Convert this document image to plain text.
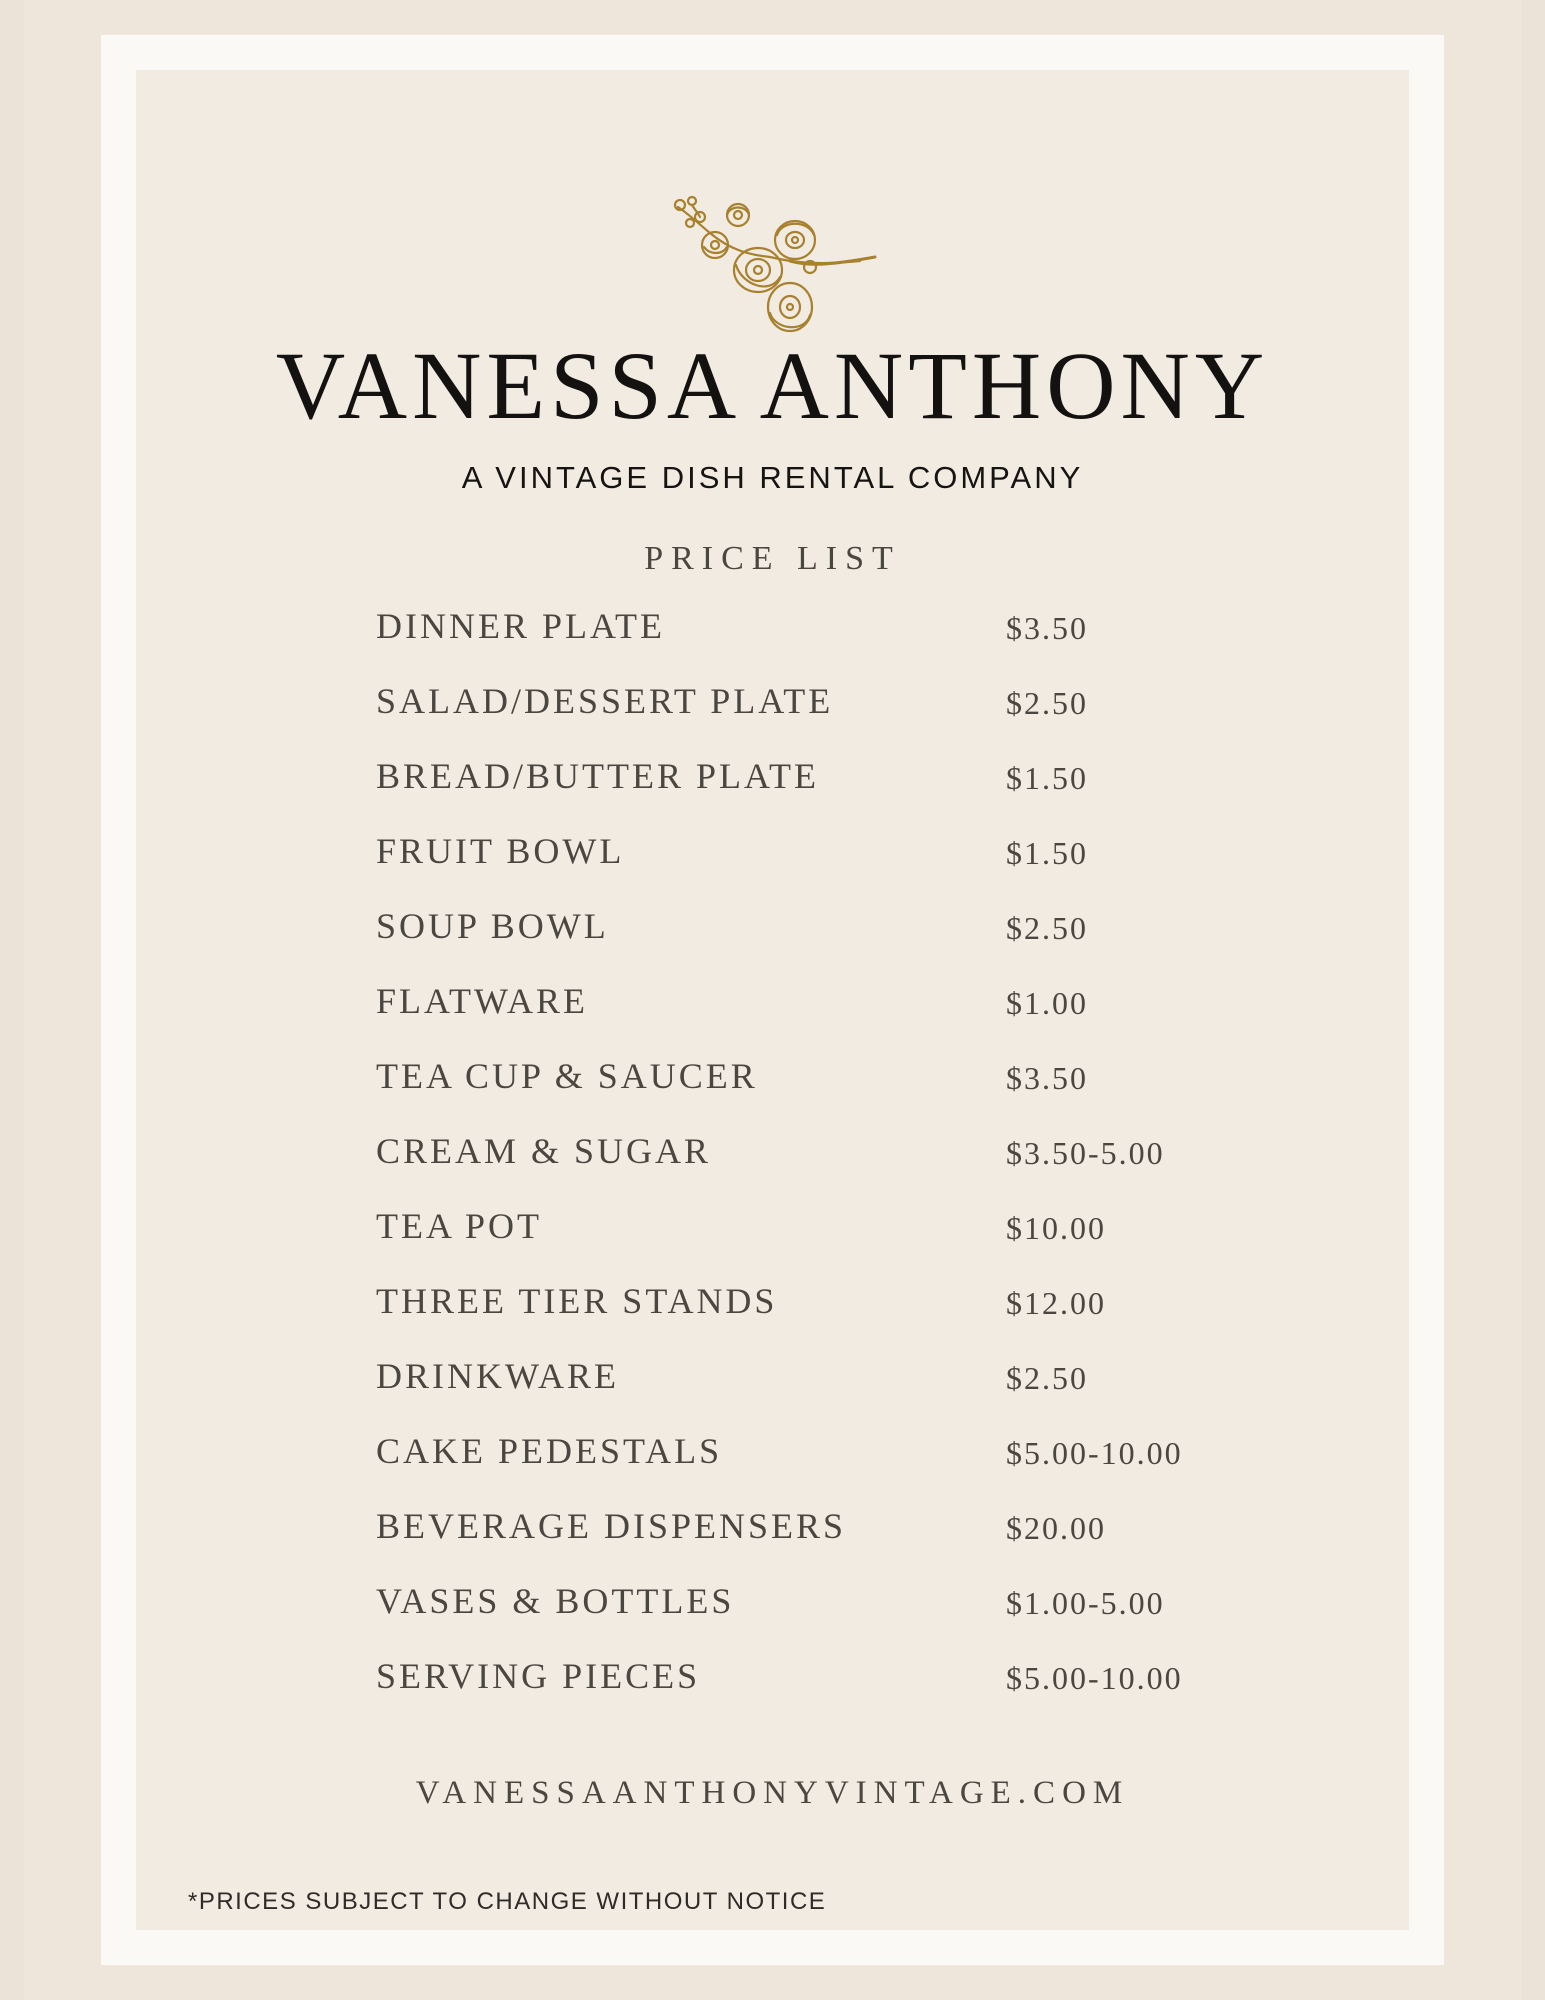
VANESSA ANTHONY
A VINTAGE DISH RENTAL COMPANY
PRICE LIST
DINNER PLATE	$3.50
SALAD/DESSERT PLATE	$2.50
BREAD/BUTTER PLATE	$1.50
FRUIT BOWL	$1.50
SOUP BOWL	$2.50
FLATWARE	$1.00
TEA CUP & SAUCER	$3.50
CREAM & SUGAR	$3.50-5.00
TEA POT	$10.00
THREE TIER STANDS	$12.00
DRINKWARE	$2.50
CAKE PEDESTALS	$5.00-10.00
BEVERAGE DISPENSERS	$20.00
VASES & BOTTLES	$1.00-5.00
SERVING PIECES	$5.00-10.00
VANESSAANTHONYVINTAGE.COM
*PRICES SUBJECT TO CHANGE WITHOUT NOTICE
